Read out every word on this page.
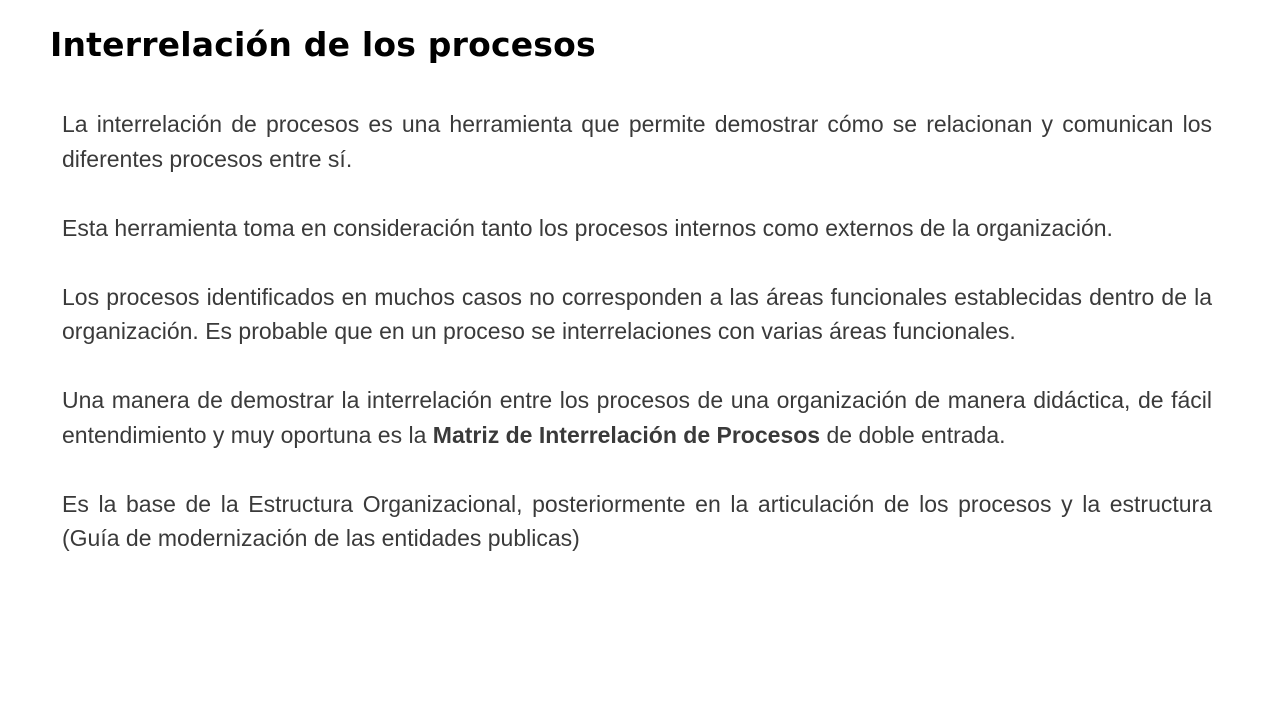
Interrelación de los procesos

La interrelación de procesos es una herramienta que permite demostrar cómo se relacionan y comunican los diferentes procesos entre sí.

Esta herramienta toma en consideración tanto los procesos internos como externos de la organización.

Los procesos identificados en muchos casos no corresponden a las áreas funcionales establecidas dentro de la organización. Es probable que en un proceso se interrelaciones con varias áreas funcionales.

Una manera de demostrar la interrelación entre los procesos de una organización de manera didáctica, de fácil entendimiento y muy oportuna es la Matriz de Interrelación de Procesos de doble entrada.

Es la base de la Estructura Organizacional, posteriormente en la articulación de los procesos y la estructura (Guía de modernización de las entidades publicas)
